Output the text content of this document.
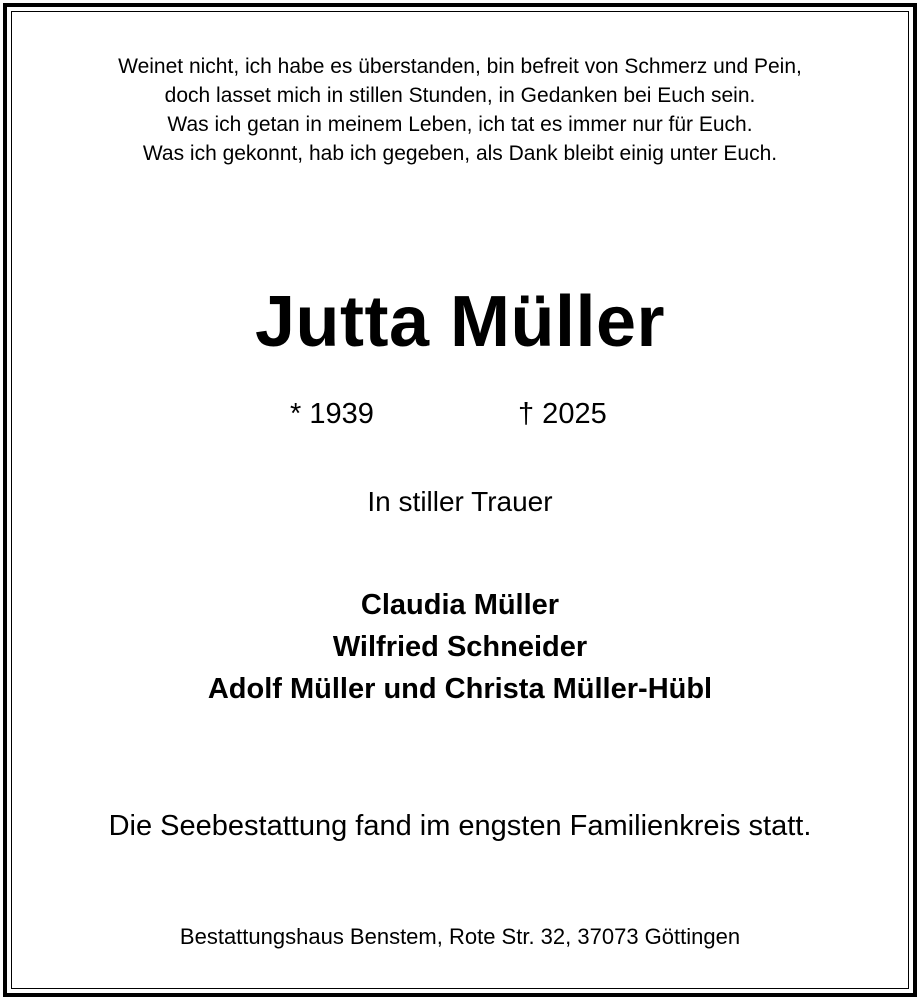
Weinet nicht, ich habe es überstanden, bin befreit von Schmerz und Pein,
doch lasset mich in stillen Stunden, in Gedanken bei Euch sein.
Was ich getan in meinem Leben, ich tat es immer nur für Euch.
Was ich gekonnt, hab ich gegeben, als Dank bleibt einig unter Euch.
Jutta Müller
* 1939	† 2025
In stiller Trauer
Claudia Müller
Wilfried Schneider
Adolf Müller und Christa Müller-Hübl
Die Seebestattung fand im engsten Familienkreis statt.
Bestattungshaus Benstem, Rote Str. 32, 37073 Göttingen
